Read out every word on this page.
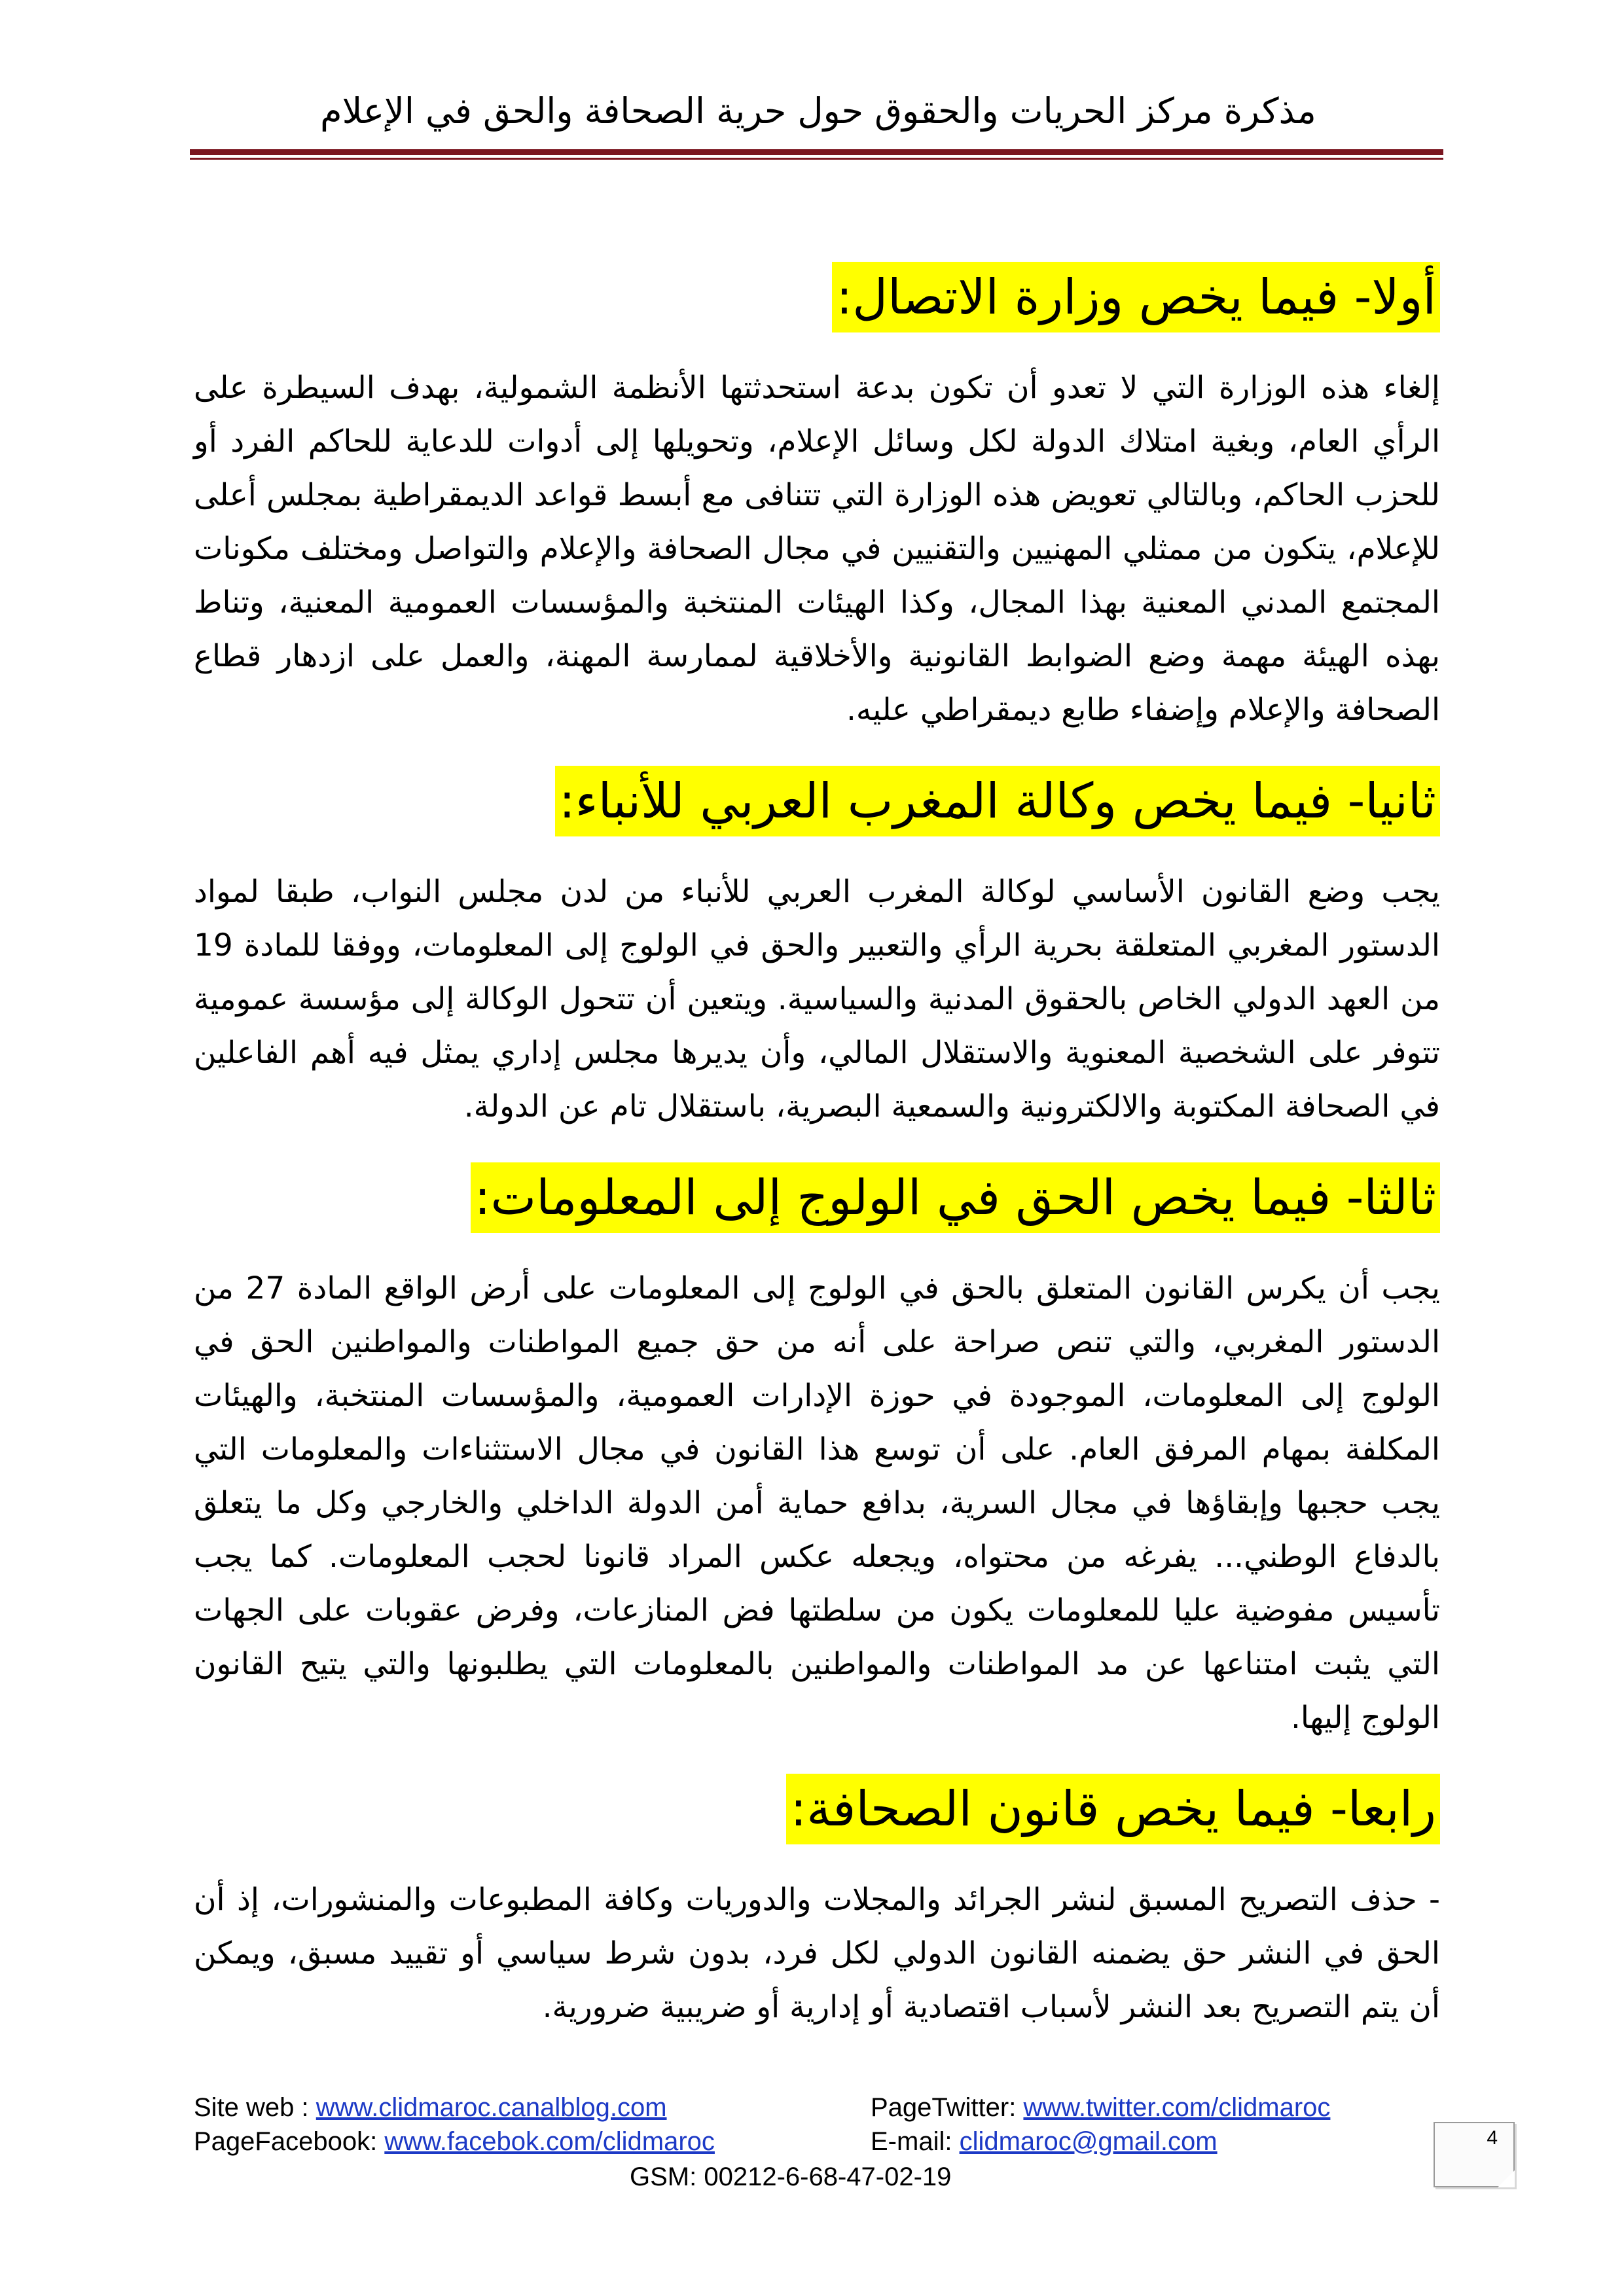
مذكرة مركز الحريات والحقوق حول حرية الصحافة والحق في الإعلام
أولا- فيما يخص وزارة الاتصال:

إلغاء هذه الوزارة التي لا تعدو أن تكون بدعة استحدثتها الأنظمة الشمولية، بهدف السيطرة على الرأي العام، وبغية امتلاك الدولة لكل وسائل الإعلام، وتحويلها إلى أدوات للدعاية للحاكم الفرد أو للحزب الحاكم، وبالتالي تعويض هذه الوزارة التي تتنافى مع أبسط قواعد الديمقراطية بمجلس أعلى للإعلام، يتكون من ممثلي المهنيين والتقنيين في مجال الصحافة والإعلام والتواصل ومختلف مكونات المجتمع المدني المعنية بهذا المجال، وكذا الهيئات المنتخبة والمؤسسات العمومية المعنية، وتناط بهذه الهيئة مهمة وضع الضوابط القانونية والأخلاقية لممارسة المهنة، والعمل على ازدهار قطاع الصحافة والإعلام وإضفاء طابع ديمقراطي عليه.

ثانيا- فيما يخص وكالة المغرب العربي للأنباء:

يجب وضع القانون الأساسي لوكالة المغرب العربي للأنباء من لدن مجلس النواب، طبقا لمواد الدستور المغربي المتعلقة بحرية الرأي والتعبير والحق في الولوج إلى المعلومات، ووفقا للمادة 19 من العهد الدولي الخاص بالحقوق المدنية والسياسية. ويتعين أن تتحول الوكالة إلى مؤسسة عمومية تتوفر على الشخصية المعنوية والاستقلال المالي، وأن يديرها مجلس إداري يمثل فيه أهم الفاعلين في الصحافة المكتوبة والالكترونية والسمعية البصرية، باستقلال تام عن الدولة.

ثالثا- فيما يخص الحق في الولوج إلى المعلومات:

يجب أن يكرس القانون المتعلق بالحق في الولوج إلى المعلومات على أرض الواقع المادة 27 من الدستور المغربي، والتي تنص صراحة على أنه من حق جميع المواطنات والمواطنين الحق في الولوج إلى المعلومات، الموجودة في حوزة الإدارات العمومية، والمؤسسات المنتخبة، والهيئات المكلفة بمهام المرفق العام. على أن توسع هذا القانون في مجال الاستثناءات والمعلومات التي يجب حجبها وإبقاؤها في مجال السرية، بدافع حماية أمن الدولة الداخلي والخارجي وكل ما يتعلق بالدفاع الوطني... يفرغه من محتواه، ويجعله عكس المراد قانونا لحجب المعلومات. كما يجب تأسيس مفوضية عليا للمعلومات يكون من سلطتها فض المنازعات، وفرض عقوبات على الجهات التي يثبت امتناعها عن مد المواطنات والمواطنين بالمعلومات التي يطلبونها والتي يتيح القانون الولوج إليها.

رابعا- فيما يخص قانون الصحافة:

- حذف التصريح المسبق لنشر الجرائد والمجلات والدوريات وكافة المطبوعات والمنشورات، إذ أن الحق في النشر حق يضمنه القانون الدولي لكل فرد، بدون شرط سياسي أو تقييد مسبق، ويمكن أن يتم التصريح بعد النشر لأسباب اقتصادية أو إدارية أو ضريبية ضرورية.

Site web : www.clidmaroc.canalblog.com	PageTwitter: www.twitter.com/clidmaroc
PageFacebook: www.facebok.com/clidmaroc	E-mail: clidmaroc@gmail.com
GSM: 00212-6-68-47-02-19
4
